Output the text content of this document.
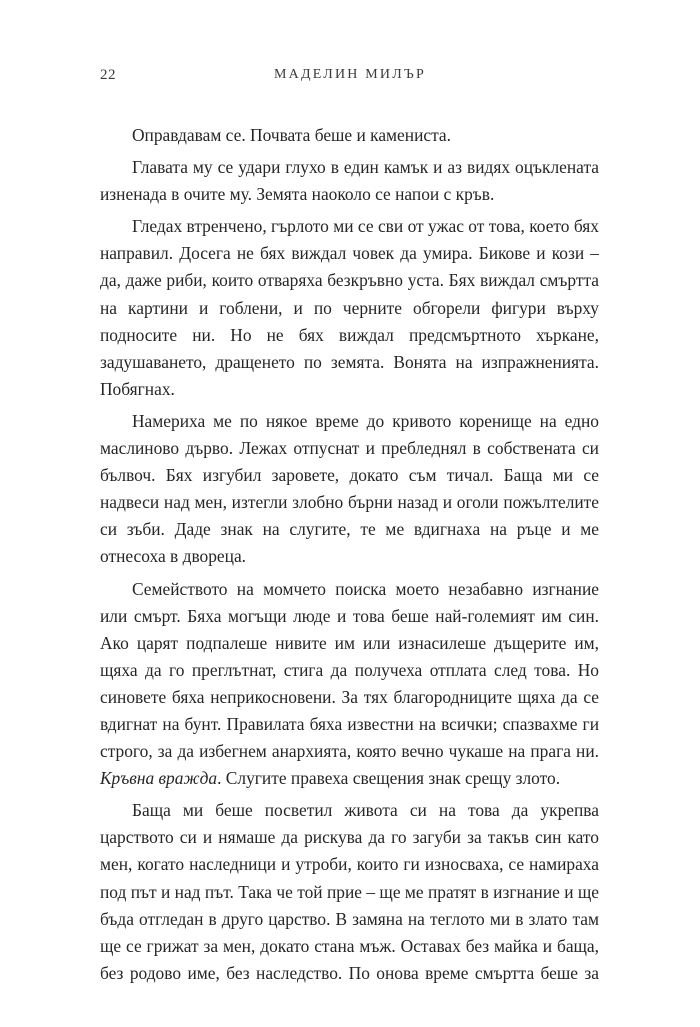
22	МАДЕЛИН МИЛЪР

Оправдавам се. Почвата беше и камениста.

Главата му се удари глухо в един камък и аз видях оцъклената изненада в очите му. Земята наоколо се напои с кръв.

Гледах втренчено, гърлото ми се сви от ужас от това, което бях направил. Досега не бях виждал човек да умира. Бикове и кози – да, даже риби, които отваряха безкръвно уста. Бях виждал смъртта на картини и гоблени, и по черните обгорели фигури върху подносите ни. Но не бях виждал предсмъртното хъркане, задушаването, дращенето по земята. Вонята на изпражненията. Побягнах.

Намериха ме по някое време до кривото коренище на едно маслиново дърво. Лежах отпуснат и пребледнял в собствената си бълвоч. Бях изгубил заровете, докато съм тичал. Баща ми се надвеси над мен, изтегли злобно бърни назад и оголи пожълтелите си зъби. Даде знак на слугите, те ме вдигнаха на ръце и ме отнесоха в двореца.

Семейството на момчето поиска моето незабавно изгнание или смърт. Бяха могъщи люде и това беше най-големият им син. Ако царят подпалеше нивите им или изнасилеше дъщерите им, щяха да го преглътнат, стига да получеха отплата след това. Но синовете бяха неприкосновени. За тях благородниците щяха да се вдигнат на бунт. Правилата бяха известни на всички; спазвахме ги строго, за да избегнем анархията, която вечно чукаше на прага ни. Кръвна вражда. Слугите правеха свещения знак срещу злото.

Баща ми беше посветил живота си на това да укрепва царството си и нямаше да рискува да го загуби за такъв син като мен, когато наследници и утроби, които ги износваха, се намираха под път и над път. Така че той прие – ще ме пратят в изгнание и ще бъда отгледан в друго царство. В замяна на теглото ми в злато там ще се грижат за мен, докато стана мъж. Оставах без майка и баща, без родово име, без наследство. По онова време смъртта беше за
